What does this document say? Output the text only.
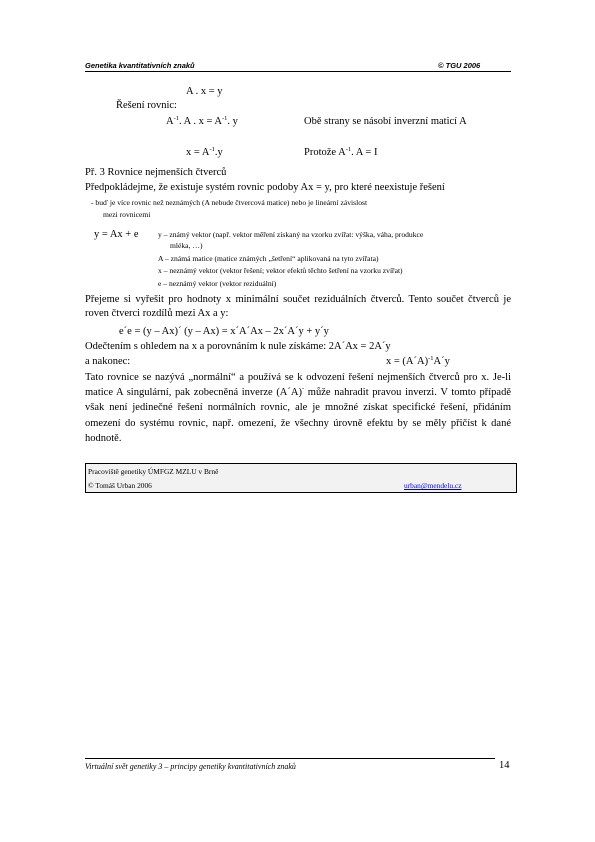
Genetika kvantitativních znaků	© TGU 2006
A . x = y
Řešení rovnic:
$A^{-1}$. A . $x = A^{-1}$. y	Obě strany se násobí inverzní maticí A
$x = A^{-1}.y$	Protože $A^{-1}$. A = I
Př. 3 Rovnice nejmenších čtverců
Předpokládejme, že existuje systém rovnic podoby Ax = y, pro které neexistuje řešení
- buď je více rovnic než neznámých (A nebude čtvercová matice) nebo je lineární závislost
mezi rovnicemi
y = Ax + e	y – známý vektor (např. vektor měření získaný na vzorku zvířat: výška, váha, produkce
mléka, …)
A – známá matice (matice známých „šetření“ aplikovaná na tyto zvířata)
x – neznámý vektor (vektor řešení; vektor efektů těchto šetření na vzorku zvířat)
e – neznámý vektor (vektor reziduální)
Přejeme si vyřešit pro hodnoty x minimální součet reziduálních čtverců. Tento součet čtverců je roven čtverci rozdílů mezi Ax a y:
e´e = (y – Ax)´ (y – Ax) = x´A´Ax – 2x´A´y + y´y
Odečtením s ohledem na x a porovnáním k nule získáme: 2A´Ax = 2A´y
a nakonec:	x = (A´A)$^{-1}$A´y
Tato rovnice se nazývá „normální“ a používá se k odvození řešení nejmenších čtverců pro x. Je-li matice A singulární, pak zobecněná inverze (A´A)- může nahradit pravou inverzi. V tomto případě však není jedinečné řešení normálních rovnic, ale je množné získat specifické řešení, přidáním omezení do systému rovnic, např. omezení, že všechny úrovně efektu by se měly přičíst k dané hodnotě.
Pracoviště genetiky ÚMFGZ MZLU v Brně
© Tomáš Urban 2006	urban@mendelu.cz
Virtuální svět genetiky 3 – principy genetiky kvantitativních znaků	14
